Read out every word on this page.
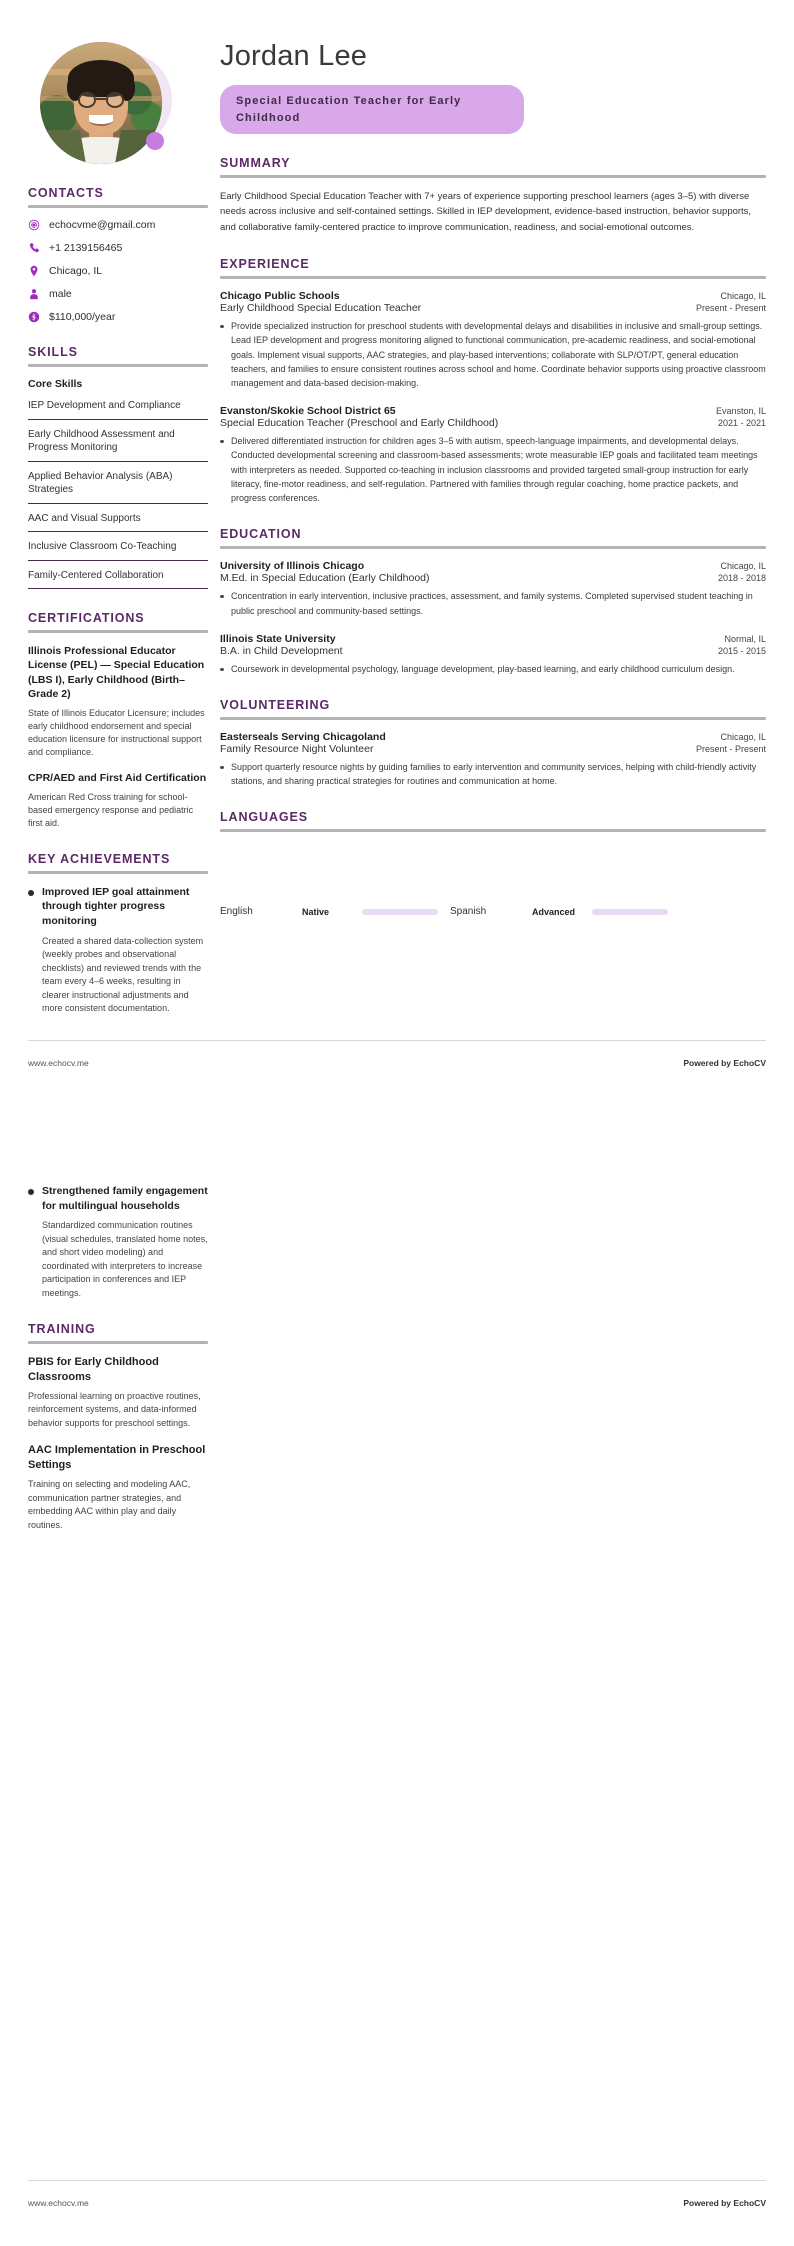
CONTACTS
echocvme@gmail.com
+1 2139156465
Chicago, IL
male
$110,000/year
SKILLS
Core Skills
IEP Development and Compliance
Early Childhood Assessment and Progress Monitoring
Applied Behavior Analysis (ABA) Strategies
AAC and Visual Supports
Inclusive Classroom Co-Teaching
Family-Centered Collaboration
CERTIFICATIONS
Illinois Professional Educator License (PEL) — Special Education (LBS I), Early Childhood (Birth–Grade 2)
State of Illinois Educator Licensure; includes early childhood endorsement and special education licensure for instructional support and compliance.
CPR/AED and First Aid Certification
American Red Cross training for school-based emergency response and pediatric first aid.
KEY ACHIEVEMENTS
Improved IEP goal attainment through tighter progress monitoring
Created a shared data-collection system (weekly probes and observational checklists) and reviewed trends with the team every 4–6 weeks, resulting in clearer instructional adjustments and more consistent documentation.
Strengthened family engagement for multilingual households
Standardized communication routines (visual schedules, translated home notes, and short video modeling) and coordinated with interpreters to increase participation in conferences and IEP meetings.
TRAINING
PBIS for Early Childhood Classrooms
Professional learning on proactive routines, reinforcement systems, and data-informed behavior supports for preschool settings.
AAC Implementation in Preschool Settings
Training on selecting and modeling AAC, communication partner strategies, and embedding AAC within play and daily routines.
Jordan Lee
Special Education Teacher for Early Childhood
SUMMARY
Early Childhood Special Education Teacher with 7+ years of experience supporting preschool learners (ages 3–5) with diverse needs across inclusive and self-contained settings. Skilled in IEP development, evidence-based instruction, behavior supports, and collaborative family-centered practice to improve communication, readiness, and social-emotional outcomes.
EXPERIENCE
Chicago Public Schools	Chicago, IL
Early Childhood Special Education Teacher	Present - Present
Provide specialized instruction for preschool students with developmental delays and disabilities in inclusive and small-group settings. Lead IEP development and progress monitoring aligned to functional communication, pre-academic readiness, and social-emotional goals. Implement visual supports, AAC strategies, and play-based interventions; collaborate with SLP/OT/PT, general education teachers, and families to ensure consistent routines across school and home. Coordinate behavior supports using proactive classroom management and data-based decision-making.
Evanston/Skokie School District 65	Evanston, IL
Special Education Teacher (Preschool and Early Childhood)	2021 - 2021
Delivered differentiated instruction for children ages 3–5 with autism, speech-language impairments, and developmental delays. Conducted developmental screening and classroom-based assessments; wrote measurable IEP goals and facilitated team meetings with interpreters as needed. Supported co-teaching in inclusion classrooms and provided targeted small-group instruction for early literacy, fine-motor readiness, and self-regulation. Partnered with families through regular coaching, home practice packets, and progress conferences.
EDUCATION
University of Illinois Chicago	Chicago, IL
M.Ed. in Special Education (Early Childhood)	2018 - 2018
Concentration in early intervention, inclusive practices, assessment, and family systems. Completed supervised student teaching in public preschool and community-based settings.
Illinois State University	Normal, IL
B.A. in Child Development	2015 - 2015
Coursework in developmental psychology, language development, play-based learning, and early childhood curriculum design.
VOLUNTEERING
Easterseals Serving Chicagoland	Chicago, IL
Family Resource Night Volunteer	Present - Present
Support quarterly resource nights by guiding families to early intervention and community services, helping with child-friendly activity stations, and sharing practical strategies for routines and communication at home.
LANGUAGES
English	Native	Spanish	Advanced
www.echocv.me	Powered by EchoCV
www.echocv.me	Powered by EchoCV
